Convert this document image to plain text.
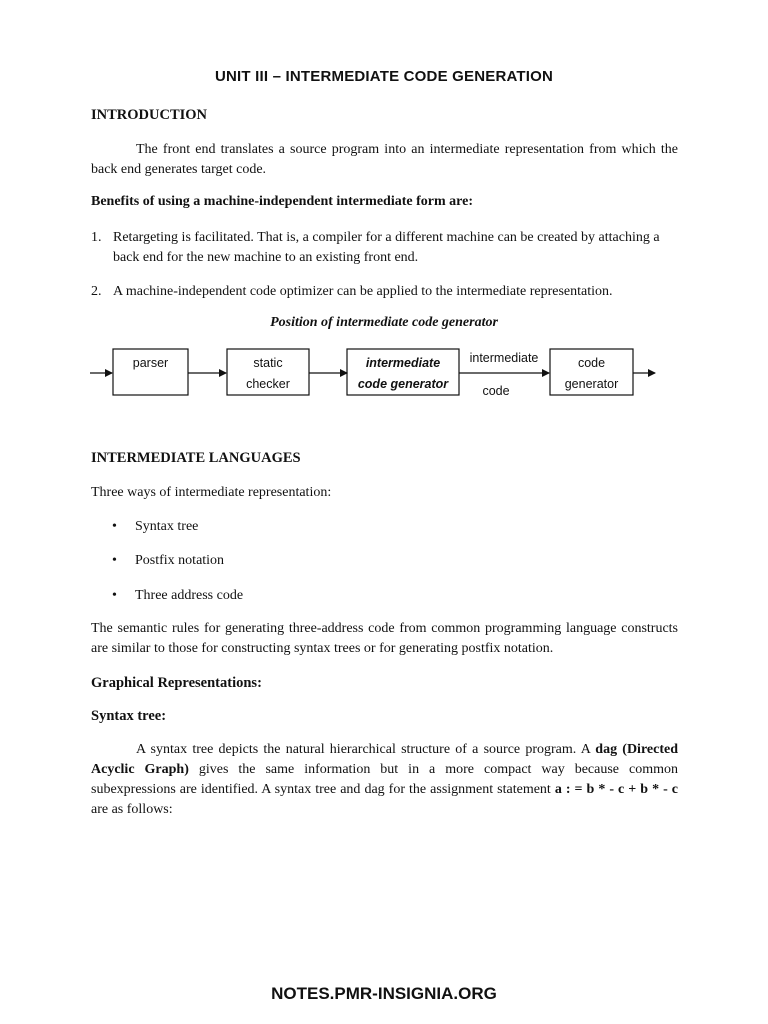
UNIT III – INTERMEDIATE CODE GENERATION
INTRODUCTION
The front end translates a source program into an intermediate representation from which the back end generates target code.
Benefits of using a machine-independent intermediate form are:
1. Retargeting is facilitated. That is, a compiler for a different machine can be created by attaching a back end for the new machine to an existing front end.
2. A machine-independent code optimizer can be applied to the intermediate representation.
Position of intermediate code generator
parser	static
checker
intermediate
code generator
code
generator
intermediate
code
INTERMEDIATE LANGUAGES
Three ways of intermediate representation:
• Syntax tree
• Postfix notation
• Three address code
The semantic rules for generating three-address code from common programming language constructs are similar to those for constructing syntax trees or for generating postfix notation.
Graphical Representations:
Syntax tree:
A syntax tree depicts the natural hierarchical structure of a source program. A dag (Directed Acyclic Graph) gives the same information but in a more compact way because common subexpressions are identified. A syntax tree and dag for the assignment statement a : = b * - c + b * - c are as follows:
NOTES.PMR-INSIGNIA.ORG
